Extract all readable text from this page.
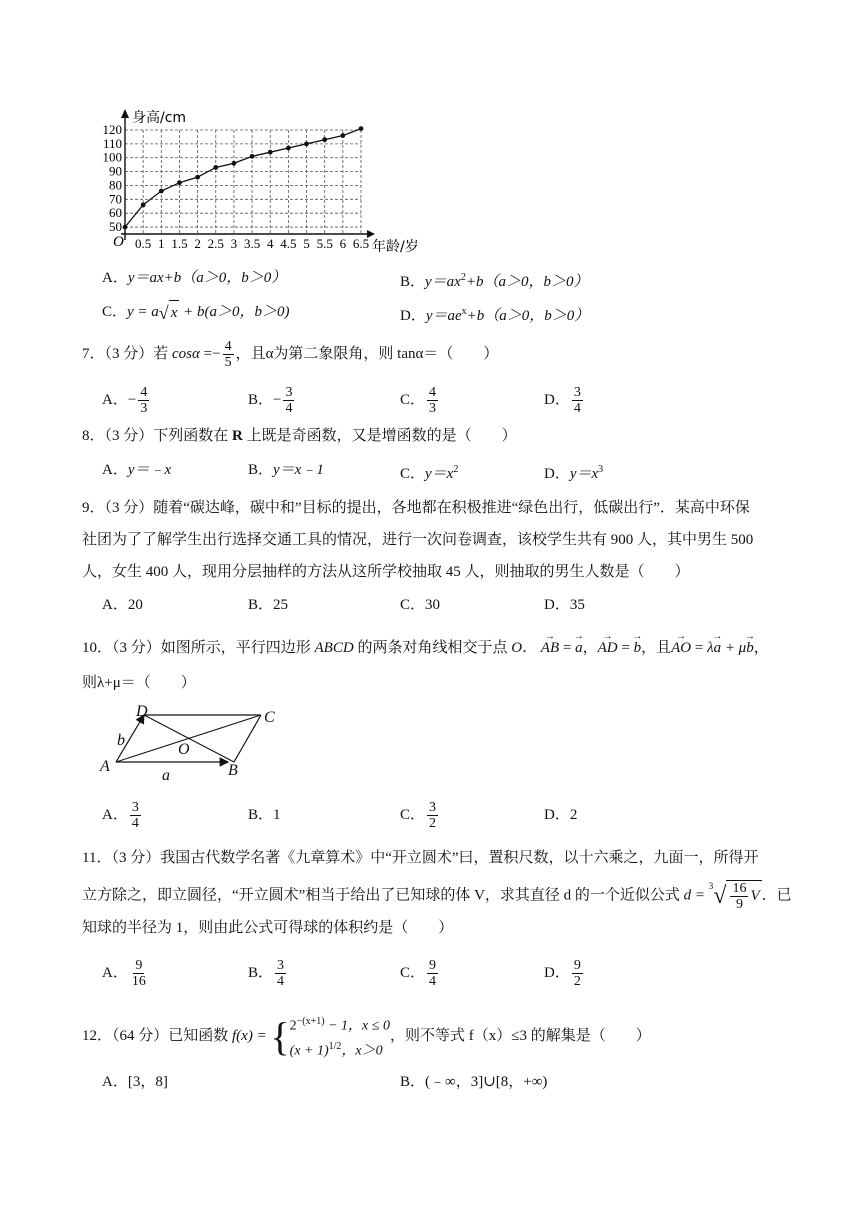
0.5 1 1.5 2 2.5 3 3.5 4 4.5 5 5.5 6 6.5
50
60
70
80
90
100
110
120
身高/cm
年龄/岁
O
A．y＝ax+b（a＞0，b＞0）	B．$y=ax^2+b(a>0$，b＞0）
C．y = a √ x + b(a＞0，b＞0)	D．$y=ae^x+b(a>0$，b＞0）
7．（3 分）若 $\cos\alpha =- \frac{4}{5}$ ，且α为第二象限角，则 tanα＝（　　）
A．− $\frac{4}{3}$	B．− $\frac{3}{4}$	C． $\frac{4}{3}$	D． $\frac{3}{4}$
8．（3 分）下列函数在 R 上既是奇函数，又是增函数的是（　　）
A．y＝﹣x	B．y＝x﹣1	C．$y=x^2$	D．$y=x^3$
9．（3 分）随着“碳达峰，碳中和”目标的提出，各地都在积极推进“绿色出行，低碳出行”．某高中环保
社团为了了解学生出行选择交通工具的情况，进行一次问卷调查，该校学生共有 900 人，其中男生 500
人，女生 400 人，现用分层抽样的方法从这所学校抽取 45 人，则抽取的男生人数是（　　）
A．20	B．25	C．30	D．35
10．（3 分）如图所示，平行四边形 ABCD 的两条对角线相交于点 O． → AB = → a，→ AD = → b，且→ AO = λ→ a + μ→ b，
则λ+μ＝（　　）
A	B
C
D
O
a
b
A． $\frac{3}{4}$	B．1	C． $\frac{3}{2}$	D．2
11．（3 分）我国古代数学名著《九章算术》中“开立圆术”曰，置积尺数，以十六乘之，九面一，所得开
立方除之，即立圆径，“开立圆术”相当于给出了已知球的体 V，求其直径 d 的一个近似公式 d =
$^3$ √ $\frac{16}{9}$ V ．已
知球的半径为 1，则由此公式可得球的体积约是（　　）
A． $\frac{9}{16}$	B． $\frac{3}{4}$	C． $\frac{9}{4}$	D． $\frac{9}{2}$
12．（64 分）已知函数 f(x) = { $2^{-(x+1)} - 1$，x ≤ 0
$(x + 1)^{1/2}$，x＞0
，则不等式 f（x）≤3 的解集是（　　）
A．[3，8]	B．(﹣∞，3]∪[8，+∞)
